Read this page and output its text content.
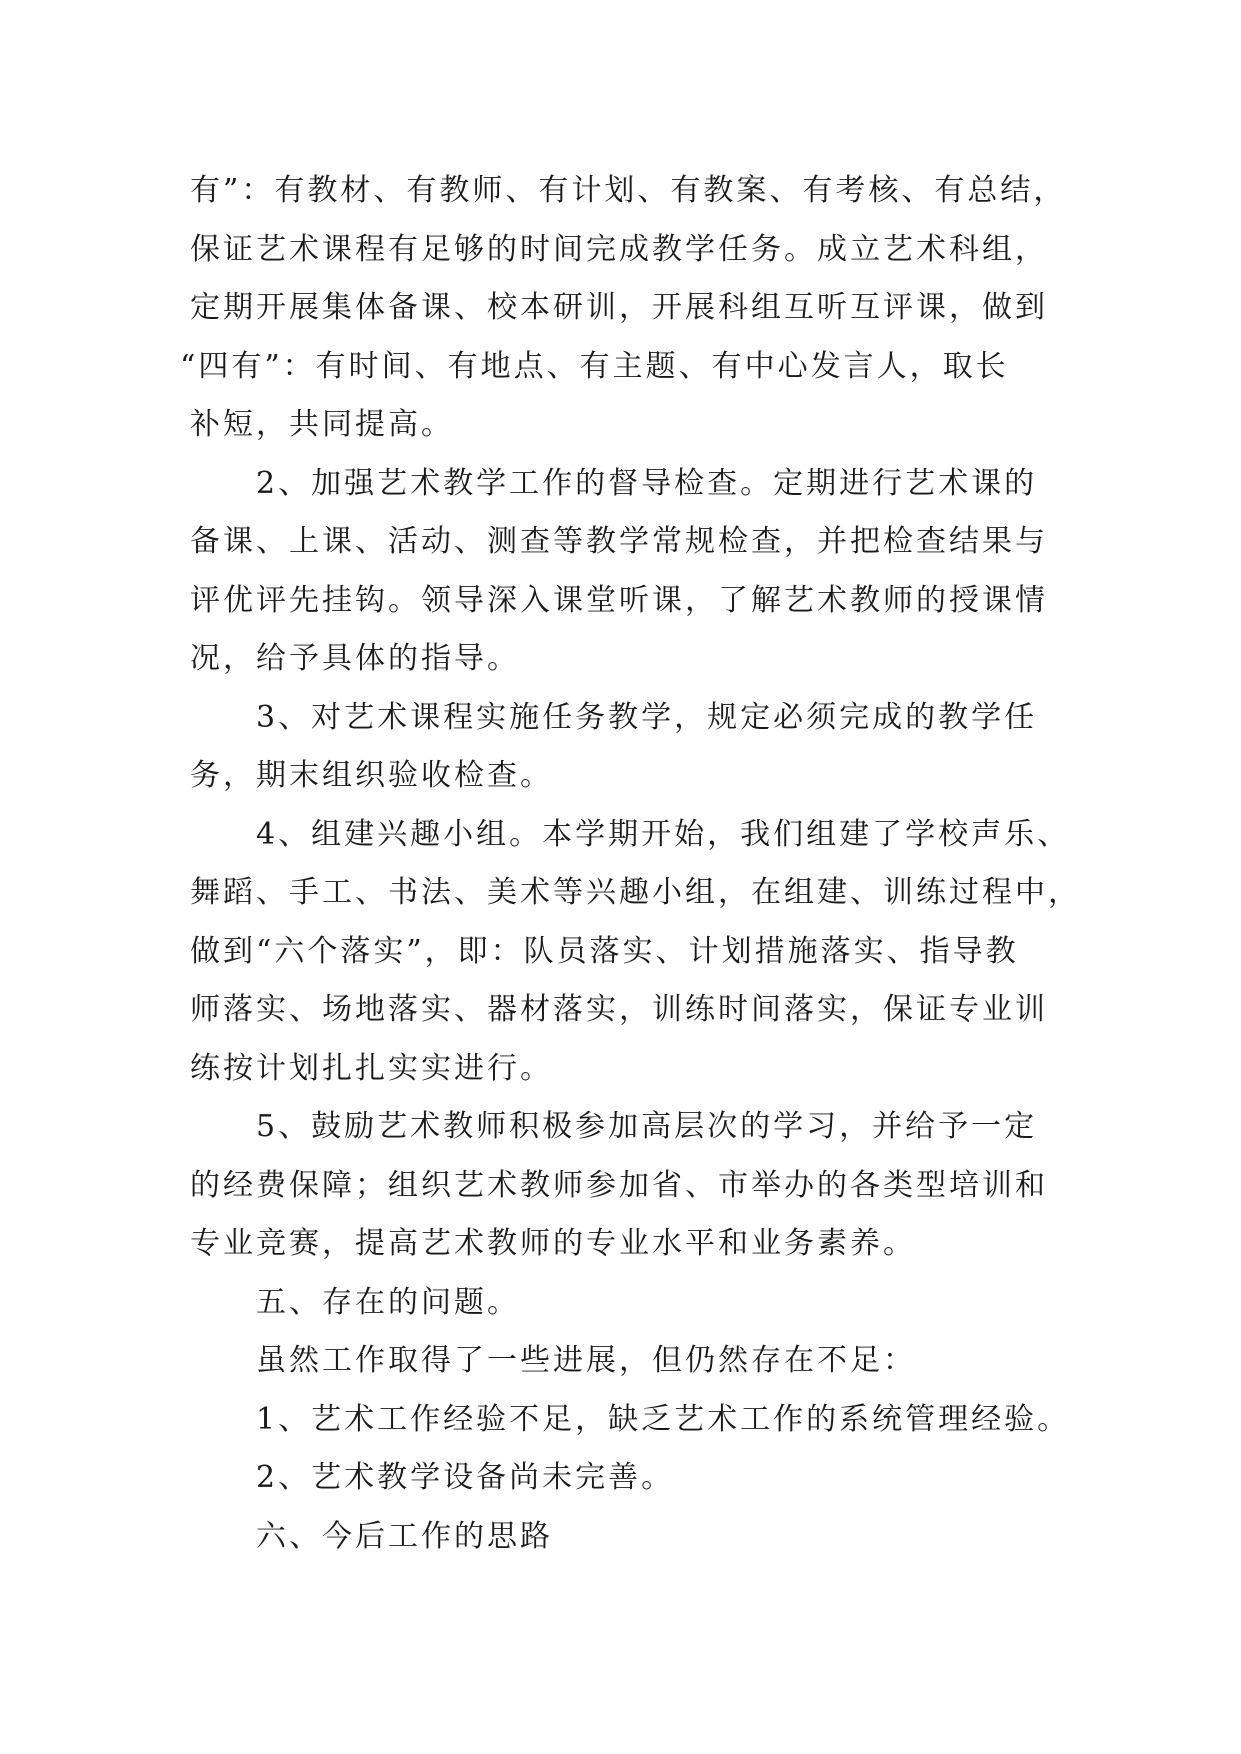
有”：有教材、有教师、有计划、有教案、有考核、有总结，
保证艺术课程有足够的时间完成教学任务。成立艺术科组，
定期开展集体备课、校本研训，开展科组互听互评课，做到
“四有”：有时间、有地点、有主题、有中心发言人，取长
补短，共同提高。
2、加强艺术教学工作的督导检查。定期进行艺术课的
备课、上课、活动、测查等教学常规检查，并把检查结果与
评优评先挂钩。领导深入课堂听课，了解艺术教师的授课情
况，给予具体的指导。
3、对艺术课程实施任务教学，规定必须完成的教学任
务，期末组织验收检查。
4、组建兴趣小组。本学期开始，我们组建了学校声乐、
舞蹈、手工、书法、美术等兴趣小组，在组建、训练过程中，
做到“六个落实”，即：队员落实、计划措施落实、指导教
师落实、场地落实、器材落实，训练时间落实，保证专业训
练按计划扎扎实实进行。
5、鼓励艺术教师积极参加高层次的学习，并给予一定
的经费保障；组织艺术教师参加省、市举办的各类型培训和
专业竞赛，提高艺术教师的专业水平和业务素养。
五、存在的问题。
虽然工作取得了一些进展，但仍然存在不足：
1、艺术工作经验不足，缺乏艺术工作的系统管理经验。
2、艺术教学设备尚未完善。
六、今后工作的思路
